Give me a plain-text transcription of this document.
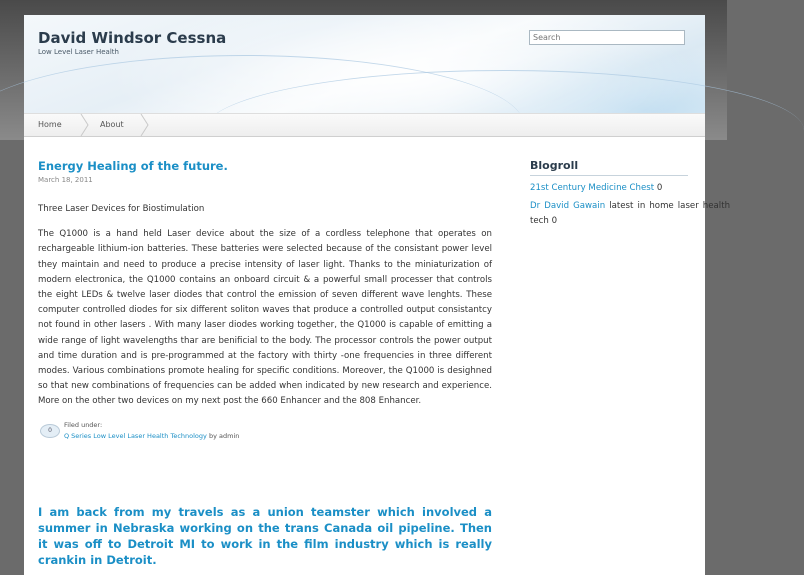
David Windsor Cessna
Low Level Laser Health
Search
Home	About
Energy Healing of the future.
March 18, 2011

Three Laser Devices for Biostimulation

The Q1000 is a hand held Laser device about the size of a cordless telephone that operates on rechargeable lithium-ion batteries. These batteries were selected because of the consistant power level they maintain and need to produce a precise intensity of laser light. Thanks to the miniaturization of modern electronica, the Q1000 contains an onboard circuit & a powerful small processer that controls the eight LEDs & twelve laser diodes that control the emission of seven different wave lenghts. These computer controlled diodes for six different soliton waves that produce a controlled output consistantcy not found in other lasers . With many laser diodes working together, the Q1000 is capable of emitting a wide range of light wavelengths thar are benificial to the body. The processor controls the power output and time duration and is pre-programmed at the factory with thirty -one frequencies in three different modes. Various combinations promote healing for specific conditions. Moreover, the Q1000 is desighned so that new combinations of frequencies can be added when indicated by new research and experience. More on the other two devices on my next post the 660 Enhancer and the 808 Enhancer.

0
Filed under:
Q Series Low Level Laser Health Technology by admin
I am back from my travels as a union teamster which involved a summer in Nebraska working on the trans Canada oil pipeline. Then it was off to Detroit MI to work in the film industry which is really crankin in Detroit.
Blogroll
21st Century Medicine Chest 0
Dr David Gawain latest in home laser health tech 0
